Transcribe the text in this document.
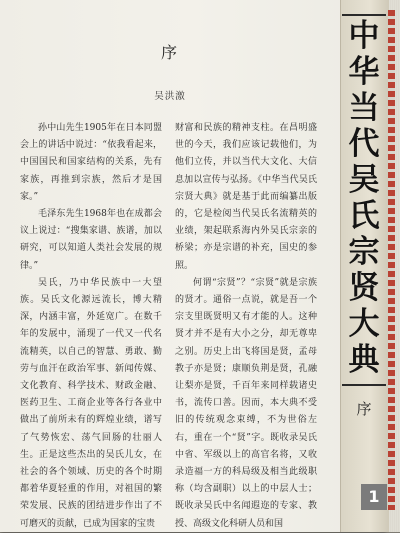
序
吴洪激

孙中山先生1905年在日本同盟会上的讲话中说过：“依我看起来，中国国民和国家结构的关系，先有家族，再推到宗族，然后才是国家。”

毛泽东先生1968年也在成都会议上说过：“搜集家谱、族谱，加以研究，可以知道人类社会发展的规律。”

吴氏，乃中华民族中一大望族。吴氏文化源远流长，博大精深，内涵丰富，外延宽广。在数千年的发展中，涌现了一代又一代名流精英，以自己的智慧、勇敢、勤劳与血汗在政治军事、新闻传媒、文化教育、科学技术、财政金融、医药卫生、工商企业等各行各业中做出了前所未有的辉煌业绩，谱写了气势恢宏、荡气回肠的壮丽人生。正是这些杰出的吴氏儿女，在社会的各个领域、历史的各个时期都着华夏轻重的作用，对祖国的繁荣发展、民族的团结进步作出了不可磨灭的贡献，已成为国家的宝贵

财富和民族的精神支柱。在昌明盛世的今天，我们应该记载他们，为他们立传，并以当代大文化、大信息加以宣传与弘扬。《中华当代吴氏宗贤大典》就是基于此而编纂出版的，它是检阅当代吴氏名流精英的业绩，架起联系海内外吴氏宗亲的桥梁；亦是宗谱的补充，国史的参照。

何谓“宗贤”？“宗贤”就是宗族的贤才。通俗一点说，就是吾一个宗支里既贤明又有才能的人。这种贤才并不是有大小之分，却无尊卑之别。历史上出飞将国是贤，孟母教子亦是贤；康顺负荆是贤，孔融让梨亦是贤，千百年来同样载诸史书，流传口善。因而，本大典不受旧的传统观念束缚，不为世俗左右，重在一个“贤”字。既收录吴氏中省、军级以上的高官名将，又收录造福一方的科局级及相当此级职称（均含副职）以上的中层人士；既收录吴氏中名闻遐迩的专家、教授、高级文化科研人员和国

中
华
当
代
吴
氏
宗
贤
大
典
序
1
